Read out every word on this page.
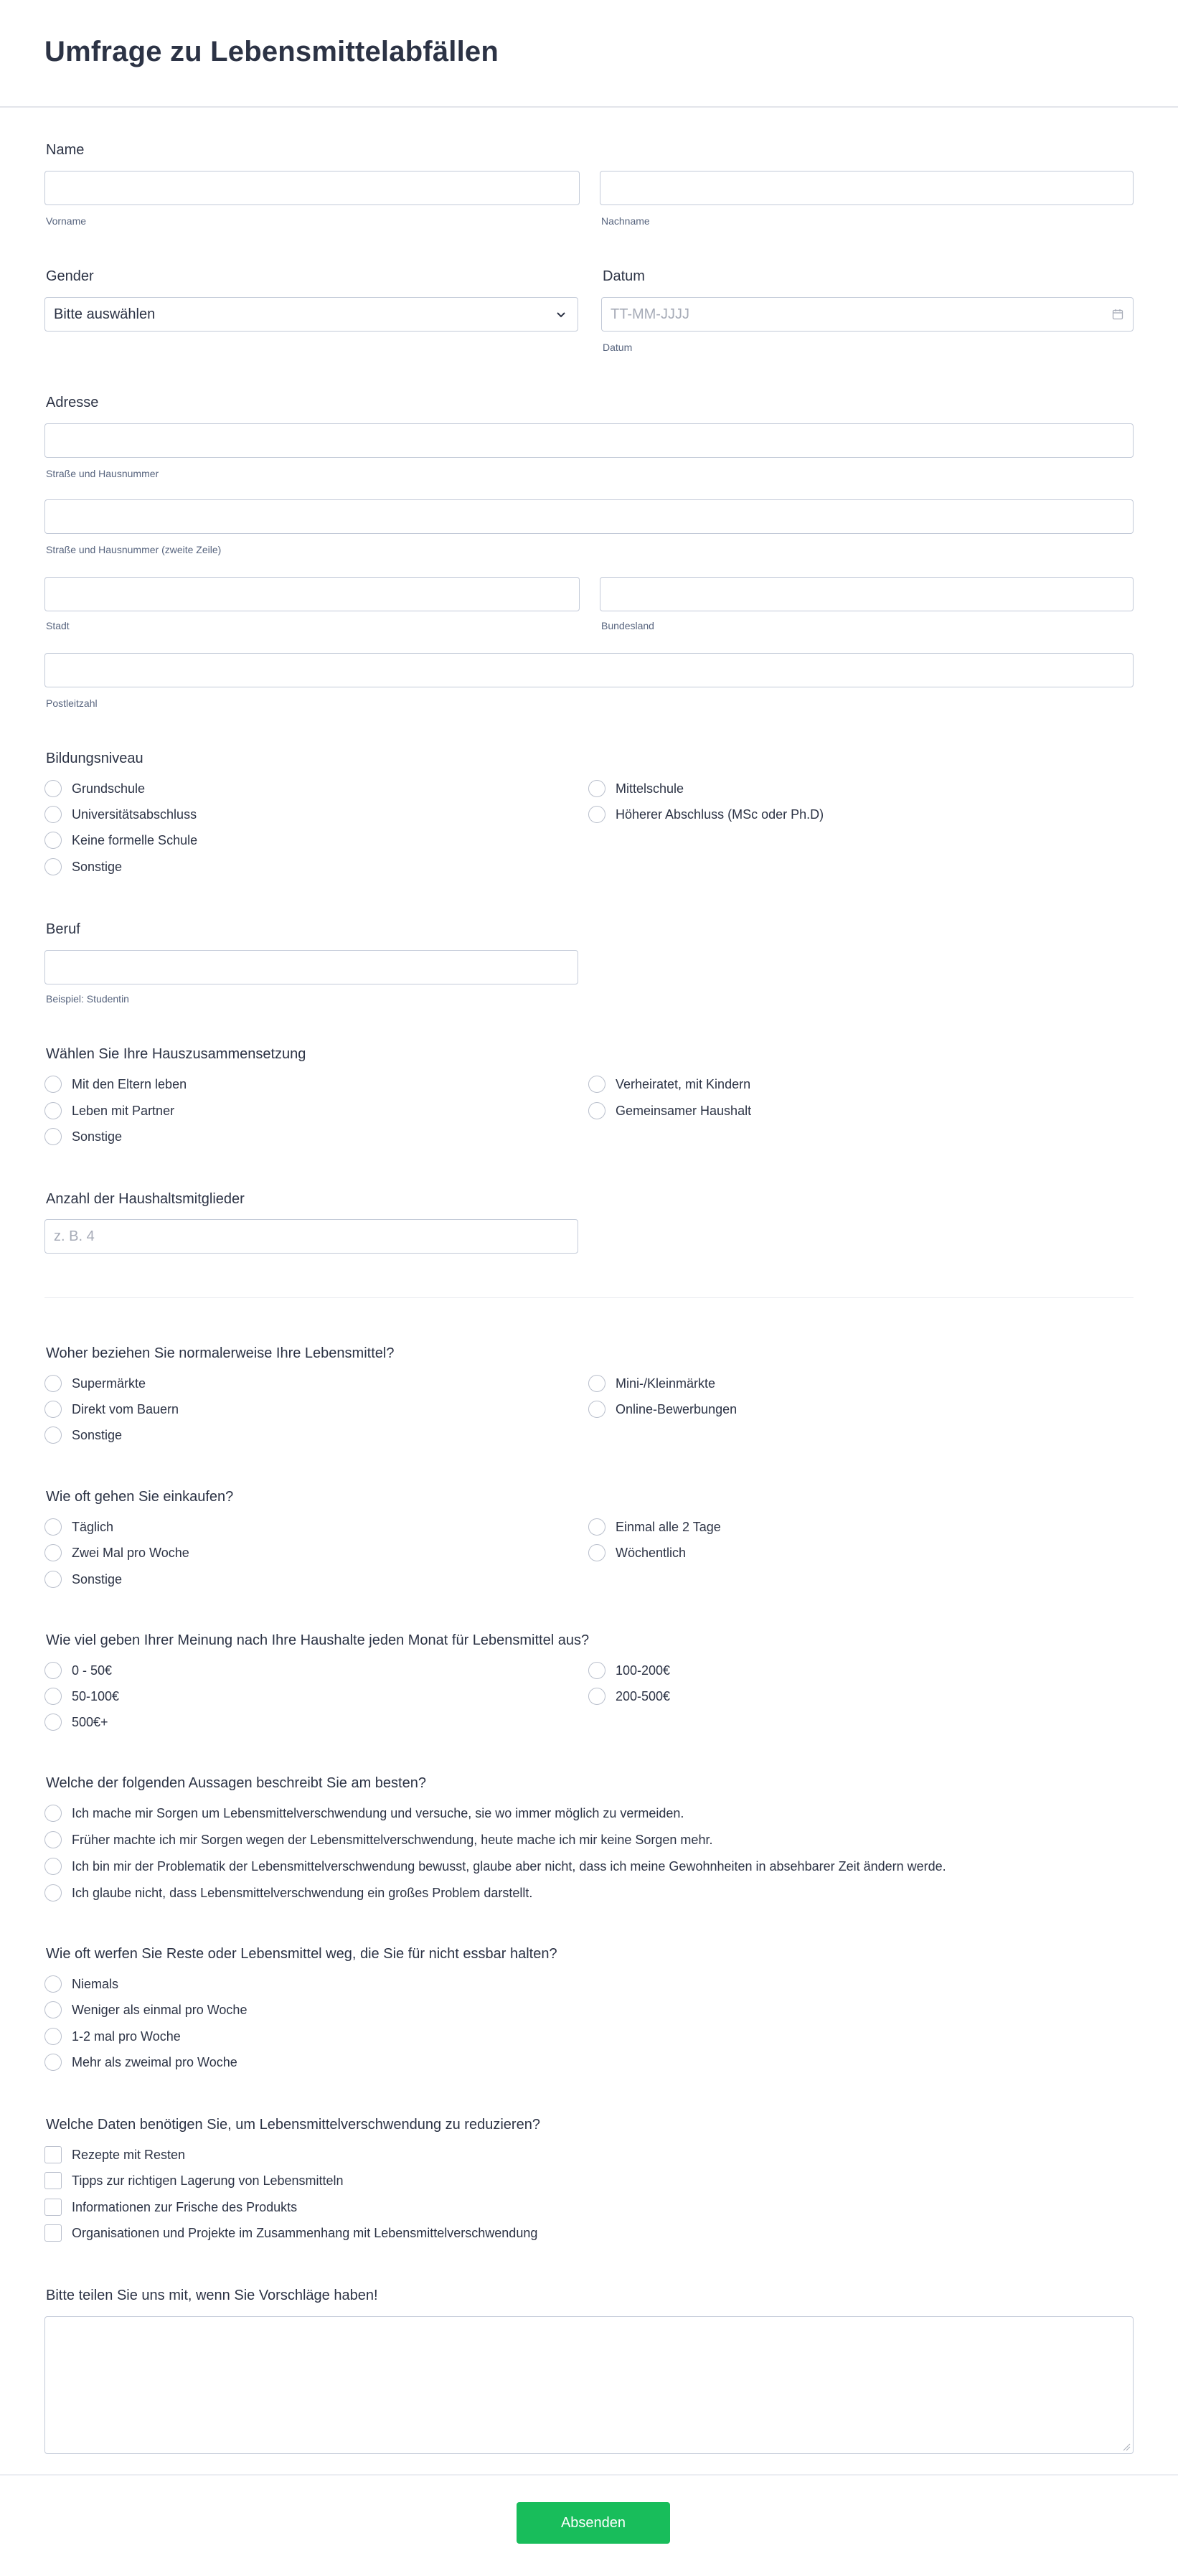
Umfrage zu Lebensmittelabfällen
Name
Vorname	Nachname
Gender
Bitte auswählen
Datum
TT-MM-JJJJ
Datum
Adresse
Straße und Hausnummer
Straße und Hausnummer (zweite Zeile)
Stadt	Bundesland
Postleitzahl
Bildungsniveau
Grundschule	Mittelschule
Universitätsabschluss	Höherer Abschluss (MSc oder Ph.D)
Keine formelle Schule
Sonstige
Beruf
Beispiel: Studentin
Wählen Sie Ihre Hauszusammensetzung
Mit den Eltern leben	Verheiratet, mit Kindern
Leben mit Partner	Gemeinsamer Haushalt
Sonstige
Anzahl der Haushaltsmitglieder
z. B. 4
Woher beziehen Sie normalerweise Ihre Lebensmittel?
Supermärkte	Mini-/Kleinmärkte
Direkt vom Bauern	Online-Bewerbungen
Sonstige
Wie oft gehen Sie einkaufen?
Täglich	Einmal alle 2 Tage
Zwei Mal pro Woche	Wöchentlich
Sonstige
Wie viel geben Ihrer Meinung nach Ihre Haushalte jeden Monat für Lebensmittel aus?
0 - 50€	100-200€
50-100€	200-500€
500€+
Welche der folgenden Aussagen beschreibt Sie am besten?
Ich mache mir Sorgen um Lebensmittelverschwendung und versuche, sie wo immer möglich zu vermeiden.
Früher machte ich mir Sorgen wegen der Lebensmittelverschwendung, heute mache ich mir keine Sorgen mehr.
Ich bin mir der Problematik der Lebensmittelverschwendung bewusst, glaube aber nicht, dass ich meine Gewohnheiten in absehbarer Zeit ändern werde.
Ich glaube nicht, dass Lebensmittelverschwendung ein großes Problem darstellt.
Wie oft werfen Sie Reste oder Lebensmittel weg, die Sie für nicht essbar halten?
Niemals
Weniger als einmal pro Woche
1-2 mal pro Woche
Mehr als zweimal pro Woche
Welche Daten benötigen Sie, um Lebensmittelverschwendung zu reduzieren?
Rezepte mit Resten
Tipps zur richtigen Lagerung von Lebensmitteln
Informationen zur Frische des Produkts
Organisationen und Projekte im Zusammenhang mit Lebensmittelverschwendung
Bitte teilen Sie uns mit, wenn Sie Vorschläge haben!
Absenden
